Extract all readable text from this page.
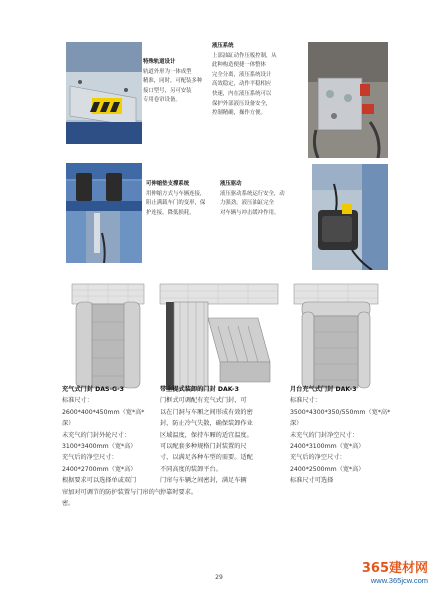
特殊轨道设计

轨道外形为一体成型

精准，同时，可配装多种

接口型号，另可安装

专用卷帘设备。

液压系统

上部油缸动作压板控制，从

此种构造便捷一体整体

完全分离，液压系统设计

高效稳定，动作平稳相应

快速，内在液压系统可以

保护外部液压设备安全，

控制精确，操作方便。

可伸缩垫支撑系统

用伸缩方式与车辆连接，

阻止满载车门的变形，保

护连接，降低损耗。

液压驱动

液压驱动系统运行安全，动

力强劲，液压油缸完全

对车辆与冲击缓冲作用。

充气式门封 DAS-G-3
标准尺寸：
2600*400*450mm（宽*高*
深）
未充气的门封外轮尺寸：
3100*3400mm（宽*高）
充气后的净空尺寸：
2400*2700mm（宽*高）
根据要求可以选择单或双门
帘加对可调节的防护装置与门帘的气
密。
带上提式装卸的门封 DAK-3
门框式可调配有充气式门封，可
以在门洞与车厢之间形成有效的密
封，防止冷气失散，确保装卸作业
区域温度，保持车厢的适宜温度。
可以配套多种规格门封装置的尺
寸，以满足各种车型的需要。适配
不同高度的装卸平台。
门帘与车辆之间密封，满足车辆
停靠时要求。
月台充气式门封 DAK-3
标准尺寸：
3500*4300*350/550mm（宽*高*
深）
未充气的门封净空尺寸：
2400*3100mm（宽*高）
充气后的净空尺寸：
2400*2500mm（宽*高）
标准尺寸可选择
29
365建材网
www.365jcw.com
